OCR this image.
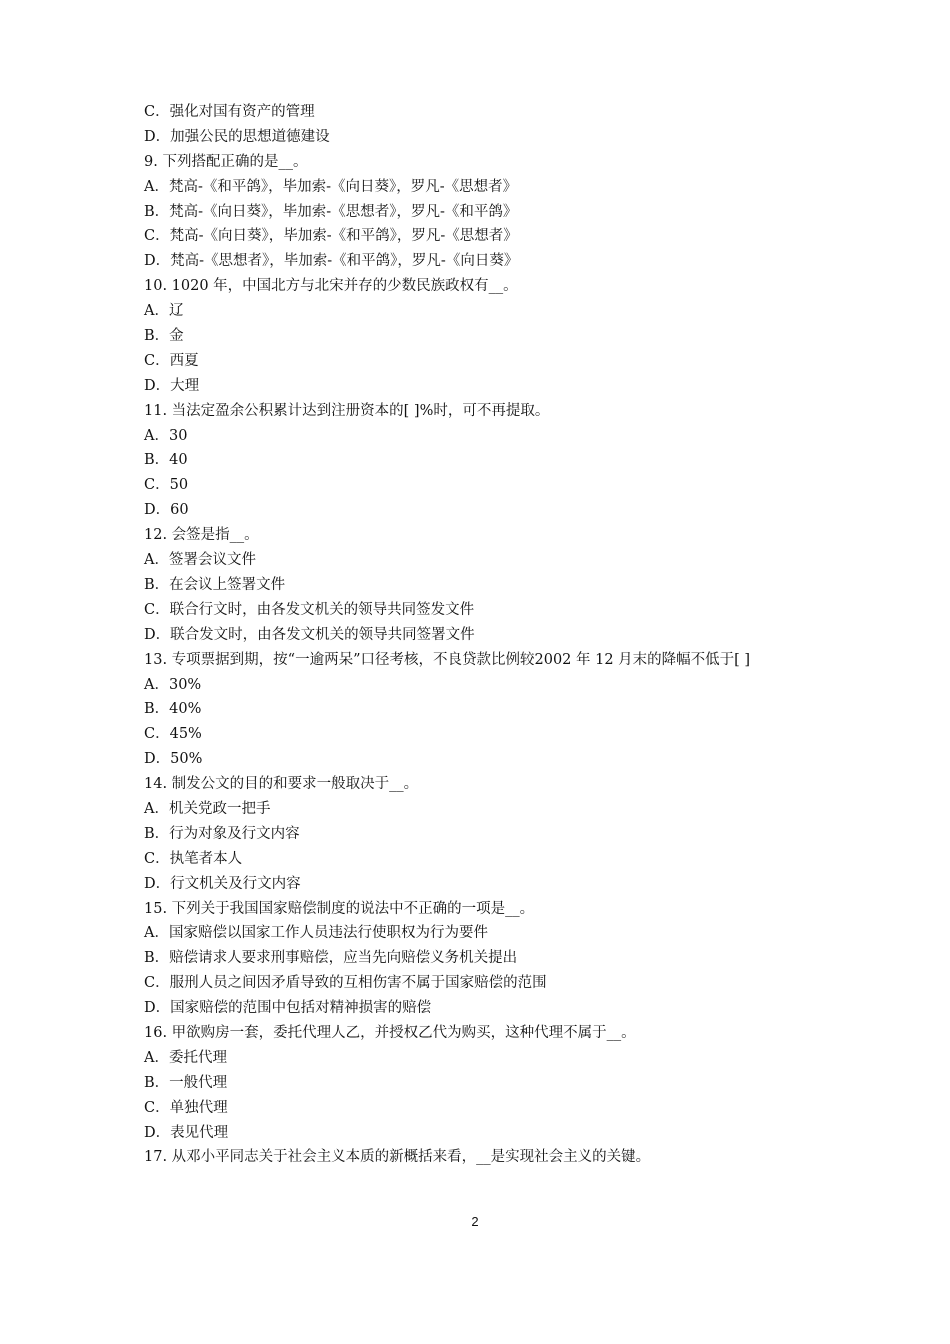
C．强化对国有资产的管理
D．加强公民的思想道德建设
9. 下列搭配正确的是__。
A．梵高-《和平鸽》，毕加索-《向日葵》，罗凡-《思想者》
B．梵高-《向日葵》，毕加索-《思想者》，罗凡-《和平鸽》
C．梵高-《向日葵》，毕加索-《和平鸽》，罗凡-《思想者》
D．梵高-《思想者》，毕加索-《和平鸽》，罗凡-《向日葵》
10. 1020 年，中国北方与北宋并存的少数民族政权有__。
A．辽
B．金
C．西夏
D．大理
11. 当法定盈余公积累计达到注册资本的[ ]%时，可不再提取。
A．30
B．40
C．50
D．60
12. 会签是指__。
A．签署会议文件
B．在会议上签署文件
C．联合行文时，由各发文机关的领导共同签发文件
D．联合发文时，由各发文机关的领导共同签署文件
13. 专项票据到期，按“一逾两呆”口径考核，不良贷款比例较2002 年 12 月末的降幅不低于[ ]
A．30%
B．40%
C．45%
D．50%
14. 制发公文的目的和要求一般取决于__。
A．机关党政一把手
B．行为对象及行文内容
C．执笔者本人
D．行文机关及行文内容
15. 下列关于我国国家赔偿制度的说法中不正确的一项是__。
A．国家赔偿以国家工作人员违法行使职权为行为要件
B．赔偿请求人要求刑事赔偿，应当先向赔偿义务机关提出
C．服刑人员之间因矛盾导致的互相伤害不属于国家赔偿的范围
D．国家赔偿的范围中包括对精神损害的赔偿
16. 甲欲购房一套，委托代理人乙，并授权乙代为购买，这种代理不属于__。
A．委托代理
B．一般代理
C．单独代理
D．表见代理
17. 从邓小平同志关于社会主义本质的新概括来看，__是实现社会主义的关键。
2
